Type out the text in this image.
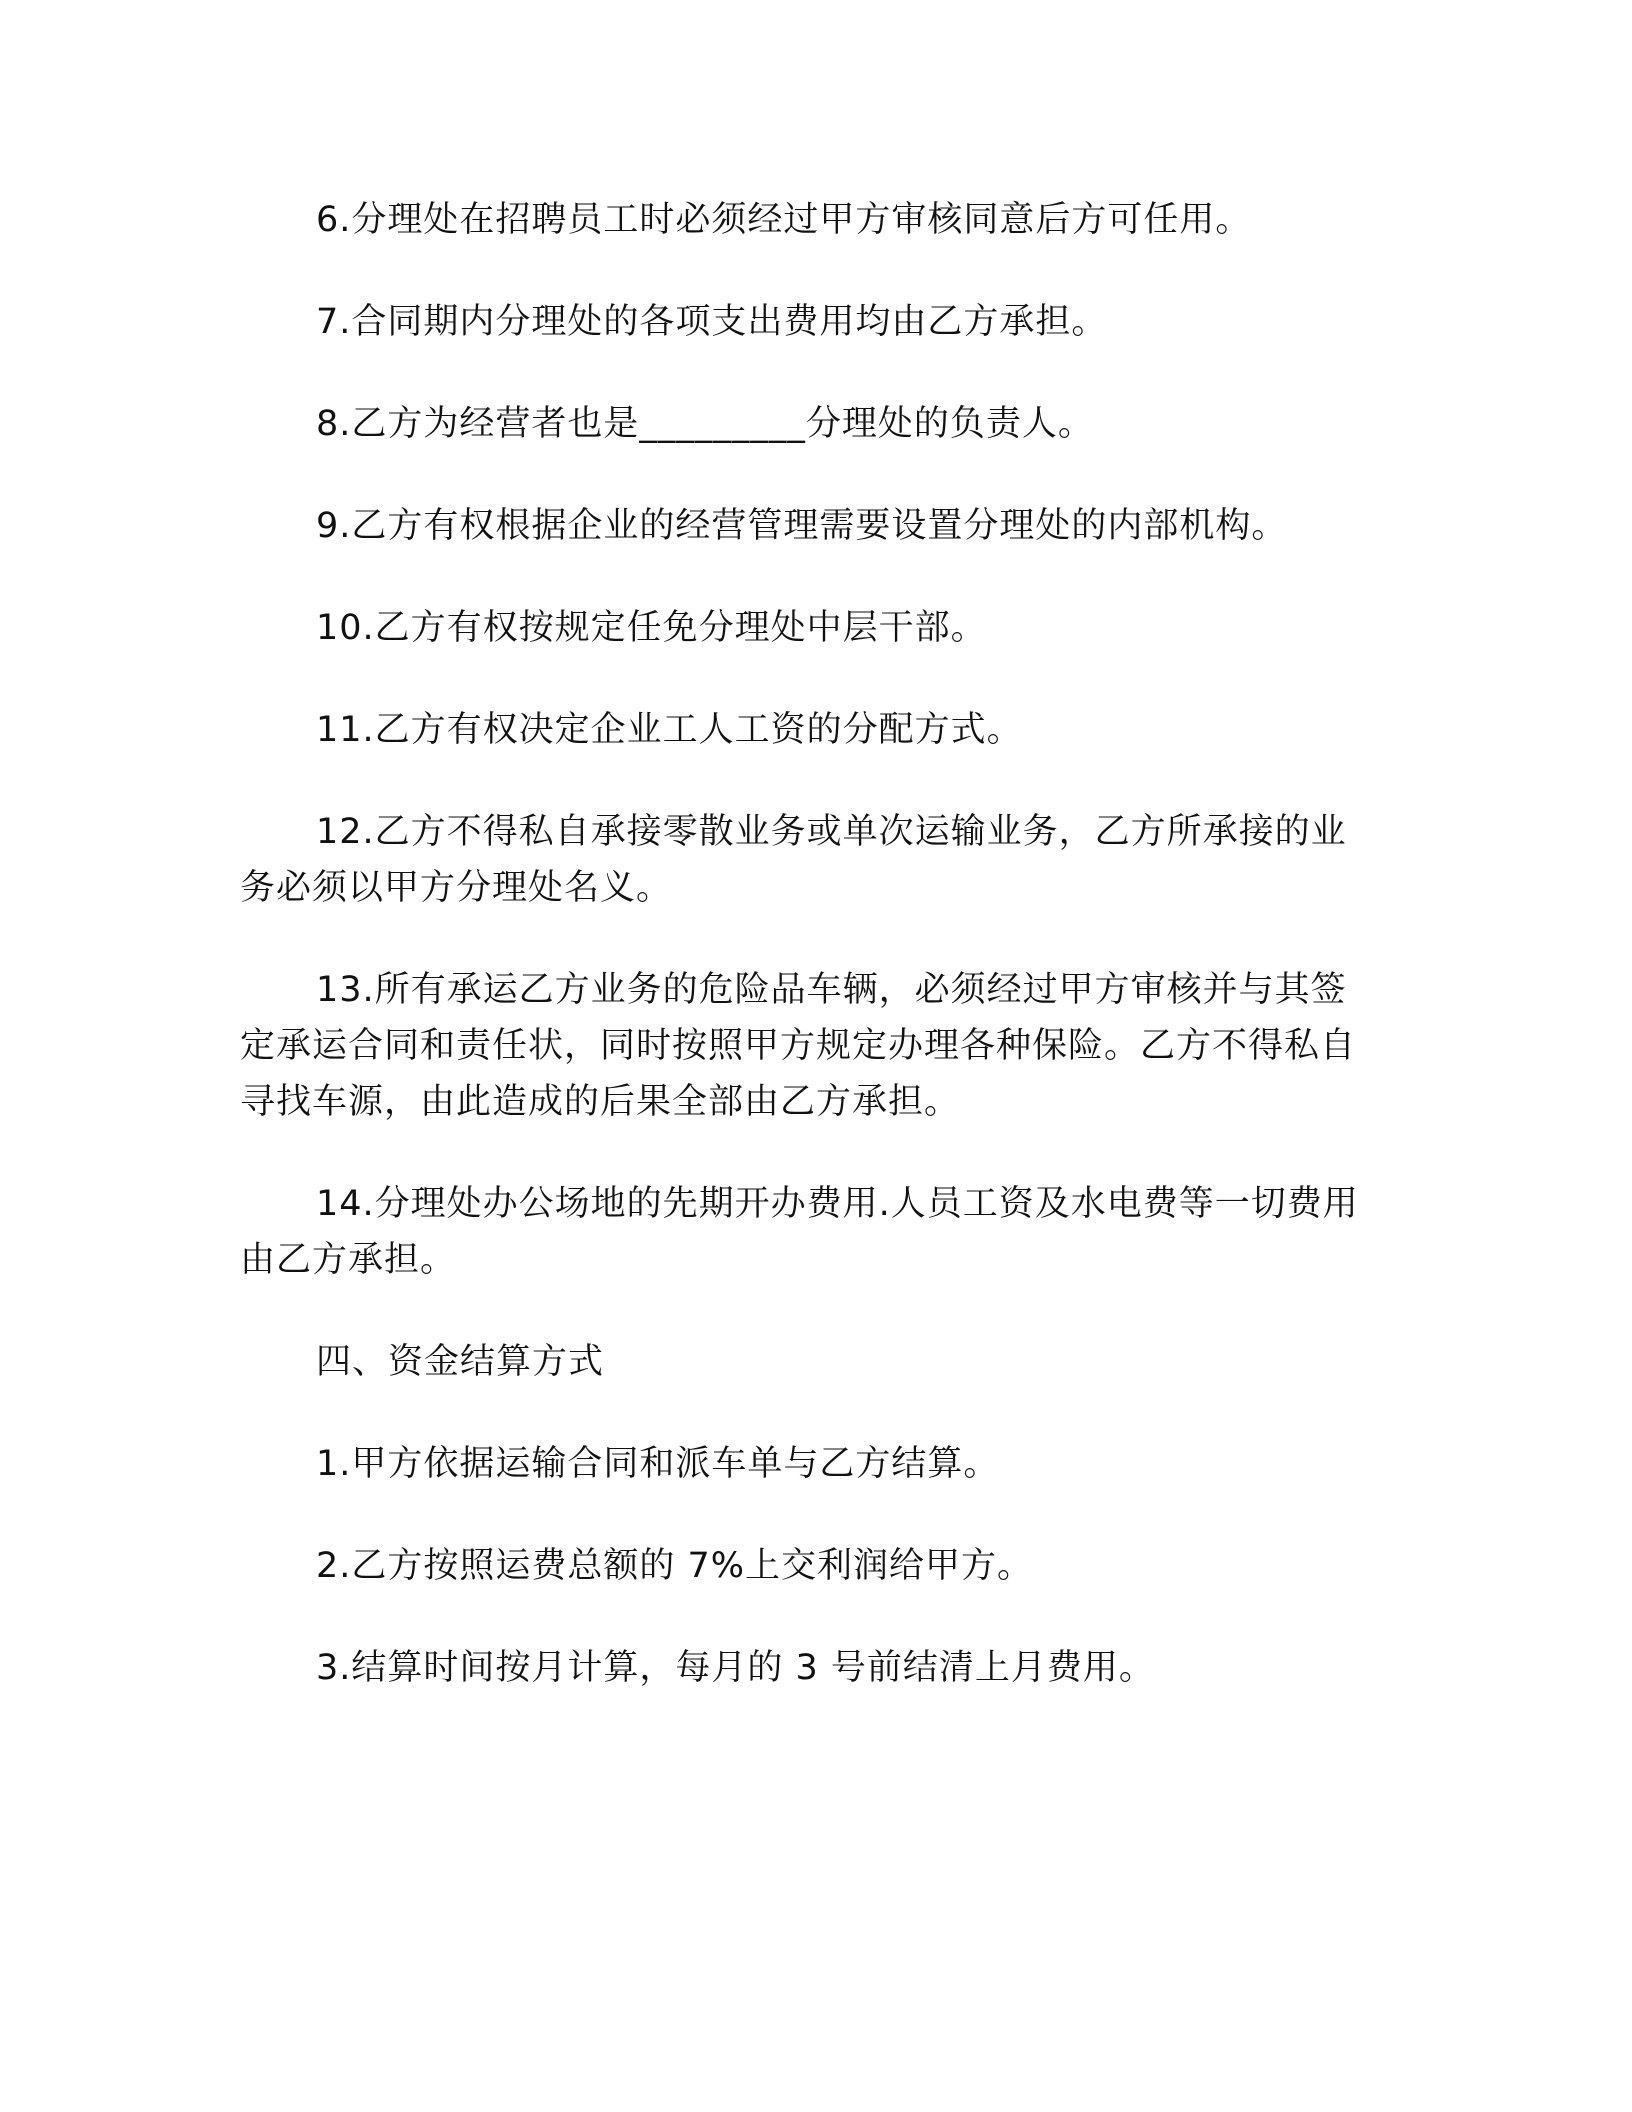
6.分理处在招聘员工时必须经过甲方审核同意后方可任用。

7.合同期内分理处的各项支出费用均由乙方承担。

8.乙方为经营者也是_________分理处的负责人。

9.乙方有权根据企业的经营管理需要设置分理处的内部机构。

10.乙方有权按规定任免分理处中层干部。

11.乙方有权决定企业工人工资的分配方式。

12.乙方不得私自承接零散业务或单次运输业务，乙方所承接的业务必须以甲方分理处名义。

13.所有承运乙方业务的危险品车辆，必须经过甲方审核并与其签定承运合同和责任状，同时按照甲方规定办理各种保险。乙方不得私自寻找车源，由此造成的后果全部由乙方承担。

14.分理处办公场地的先期开办费用.人员工资及水电费等一切费用由乙方承担。

四、资金结算方式

1.甲方依据运输合同和派车单与乙方结算。

2.乙方按照运费总额的 7%上交利润给甲方。

3.结算时间按月计算，每月的 3 号前结清上月费用。
